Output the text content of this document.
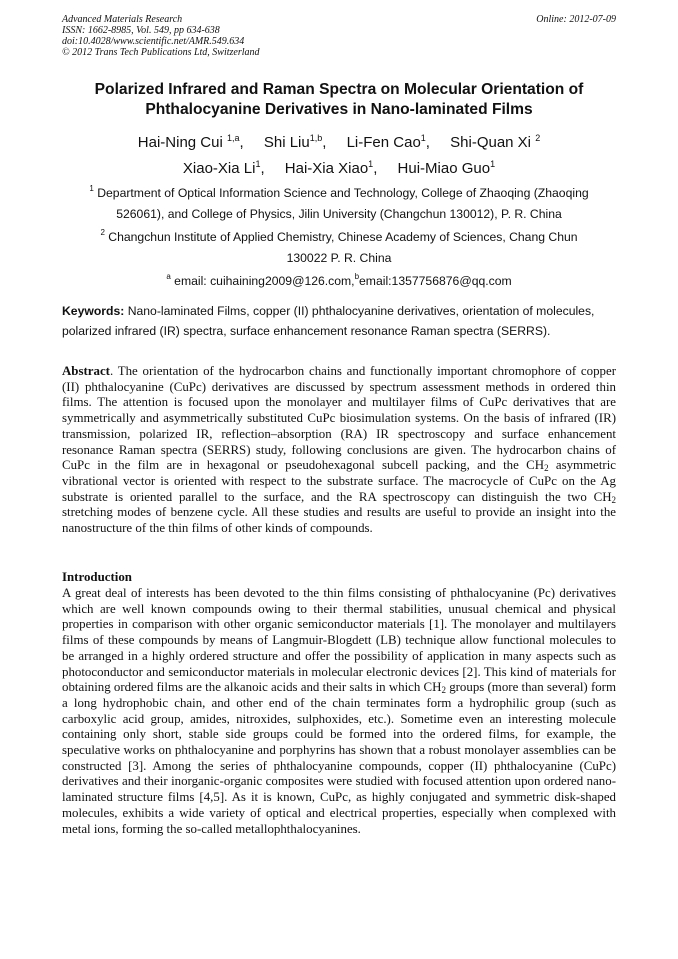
Advanced Materials Research
ISSN: 1662-8985, Vol. 549, pp 634-638
doi:10.4028/www.scientific.net/AMR.549.634
© 2012 Trans Tech Publications Ltd, Switzerland
Online: 2012-07-09
Polarized Infrared and Raman Spectra on Molecular Orientation of
Phthalocyanine Derivatives in Nano-laminated Films
Hai-Ning Cui $^{1,a}$, Shi Liu$^{1,b}$, Li-Fen Cao$^1$, Shi-Quan Xi $^2$
Xiao-Xia Li$^1$, Hai-Xia Xiao$^1$, Hui-Miao Guo$^1$
$^1$ Department of Optical Information Science and Technology, College of Zhaoqing (Zhaoqing
526061), and College of Physics, Jilin University (Changchun 130012), P. R. China
$^2$ Changchun Institute of Applied Chemistry, Chinese Academy of Sciences, Chang Chun
130022 P. R. China
$^a$ email: cuihaining2009@126.com,$^b$email:1357756876@qq.com
Keywords: Nano-laminated Films, copper (II) phthalocyanine derivatives, orientation of molecules, polarized infrared (IR) spectra, surface enhancement resonance Raman spectra (SERRS).
Abstract. The orientation of the hydrocarbon chains and functionally important chromophore of copper (II) phthalocyanine (CuPc) derivatives are discussed by spectrum assessment methods in ordered thin films. The attention is focused upon the monolayer and multilayer films of CuPc derivatives that are symmetrically and asymmetrically substituted CuPc biosimulation systems. On the basis of infrared (IR) transmission, polarized IR, reflection–absorption (RA) IR spectroscopy and surface enhancement resonance Raman spectra (SERRS) study, following conclusions are given. The hydrocarbon chains of CuPc in the film are in hexagonal or pseudohexagonal subcell packing, and the $CH_2$ asymmetric vibrational vector is oriented with respect to the substrate surface. The macrocycle of CuPc on the Ag substrate is oriented parallel to the surface, and the RA spectroscopy can distinguish the two $CH_2$ stretching modes of benzene cycle. All these studies and results are useful to provide an insight into the nanostructure of the thin films of other kinds of compounds.
Introduction
A great deal of interests has been devoted to the thin films consisting of phthalocyanine (Pc) derivatives which are well known compounds owing to their thermal stabilities, unusual chemical and physical properties in comparison with other organic semiconductor materials [1]. The monolayer and multilayers films of these compounds by means of Langmuir-Blogdett (LB) technique allow functional molecules to be arranged in a highly ordered structure and offer the possibility of application in many aspects such as photoconductor and semiconductor materials in molecular electronic devices [2]. This kind of materials for obtaining ordered films are the alkanoic acids and their salts in which $CH_2$ groups (more than several) form a long hydrophobic chain, and other end of the chain terminates form a hydrophilic group (such as carboxylic acid group, amides, nitroxides, sulphoxides, etc.). Sometime even an interesting molecule containing only short, stable side groups could be formed into the ordered films, for example, the speculative works on phthalocyanine and porphyrins has shown that a robust monolayer assemblies can be constructed [3]. Among the series of phthalocyanine compounds, copper (II) phthalocyanine (CuPc) derivatives and their inorganic-organic composites were studied with focused attention upon ordered nano-laminated structure films [4,5]. As it is known, CuPc, as highly conjugated and symmetric disk-shaped molecules, exhibits a wide variety of optical and electrical properties, especially when complexed with metal ions, forming the so-called metallophthalocyanines.
